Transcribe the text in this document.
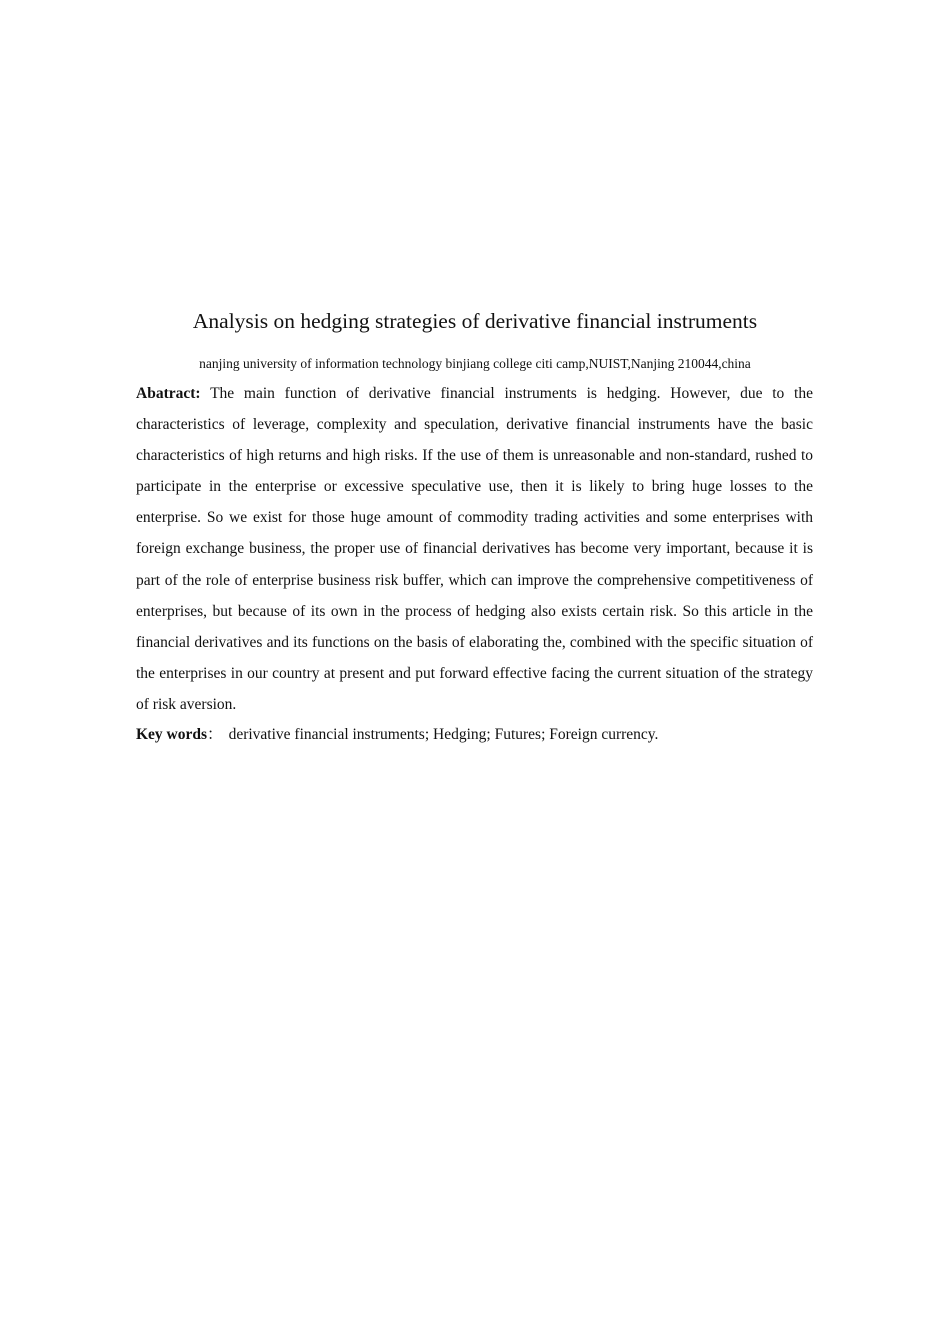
Analysis on hedging strategies of derivative financial instruments

nanjing university of information technology binjiang college citi camp,NUIST,Nanjing 210044,china

Abatract: The main function of derivative financial instruments is hedging. However, due to the characteristics of leverage, complexity and speculation, derivative financial instruments have the basic characteristics of high returns and high risks. If the use of them is unreasonable and non-standard, rushed to participate in the enterprise or excessive speculative use, then it is likely to bring huge losses to the enterprise. So we exist for those huge amount of commodity trading activities and some enterprises with foreign exchange business, the proper use of financial derivatives has become very important, because it is part of the role of enterprise business risk buffer, which can improve the comprehensive competitiveness of enterprises, but because of its own in the process of hedging also exists certain risk. So this article in the financial derivatives and its functions on the basis of elaborating the, combined with the specific situation of the enterprises in our country at present and put forward effective facing the current situation of the strategy of risk aversion.

Key words： derivative financial instruments; Hedging; Futures; Foreign currency.
